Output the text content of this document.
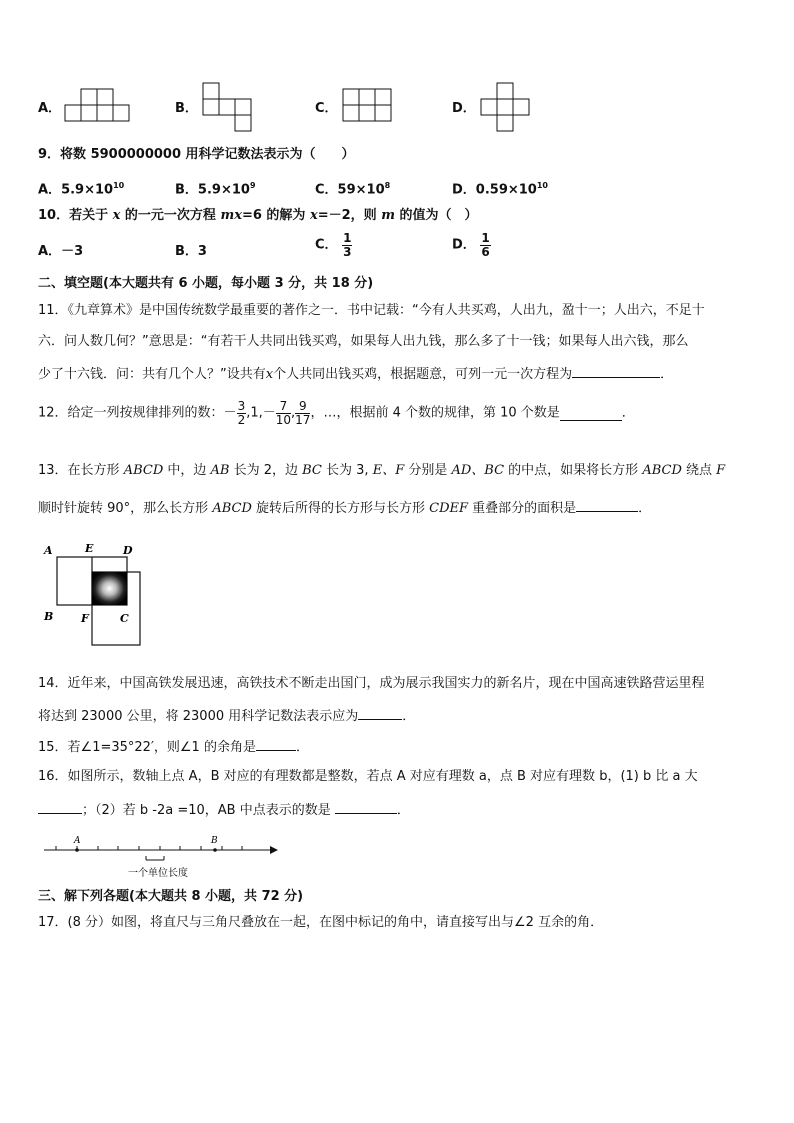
A．	B．	C．	D．
9．将数 5900000000 用科学记数法表示为（　　）
A．$5.9\times 10^{10}$	B．$5.9\times 10^9$	C．$59\times 10^8$	D．$0.59\times 10^{10}$
10．若关于 x 的一元一次方程 mx=6 的解为 x=－2，则 m 的值为（　）
A．－3	B．3	C． $\frac{1}{3}$	D． $\frac{1}{6}$
二、填空题(本大题共有 6 小题，每小题 3 分，共 18 分)
11．《九章算术》是中国传统数学最重要的著作之一．书中记载：“今有人共买鸡，人出九，盈十一；人出六，不足十
六．问人数几何？”意思是：“有若干人共同出钱买鸡，如果每人出九钱，那么多了十一钱；如果每人出六钱，那么
少了十六钱．问：共有几个人？”设共有x个人共同出钱买鸡，根据题意，可列一元一次方程为	．
12．给定一列按规律排列的数：－ $\frac{3}{2} ,1,- \frac{7}{10}$ , $\frac{9}{17}$ ，…，根据前 4 个数的规律，第 10 个数是	．
13．在长方形 ABCD 中，边 AB 长为 2，边 BC 长为 3, E、F 分别是 AD、BC 的中点，如果将长方形 ABCD 绕点 F
顺时针旋转 90°，那么长方形 ABCD 旋转后所得的长方形与长方形 CDEF 重叠部分的面积是	．
A	E	D
B	F	C
14．近年来，中国高铁发展迅速，高铁技术不断走出国门，成为展示我国实力的新名片，现在中国高速铁路营运里程
将达到 23000 公里，将 23000 用科学记数法表示应为	．
15．若∠1=35°22′，则∠1 的余角是	．
16．如图所示，数轴上点 A，B 对应的有理数都是整数，若点 A 对应有理数 a，点 B 对应有理数 b，(1) b 比 a 大
；（2）若 b -2a =10，AB 中点表示的数是	．
A	B
一个单位长度
三、解下列各题(本大题共 8 小题，共 72 分)
17．(8 分）如图，将直尺与三角尺叠放在一起，在图中标记的角中，请直接写出与∠2 互余的角．
